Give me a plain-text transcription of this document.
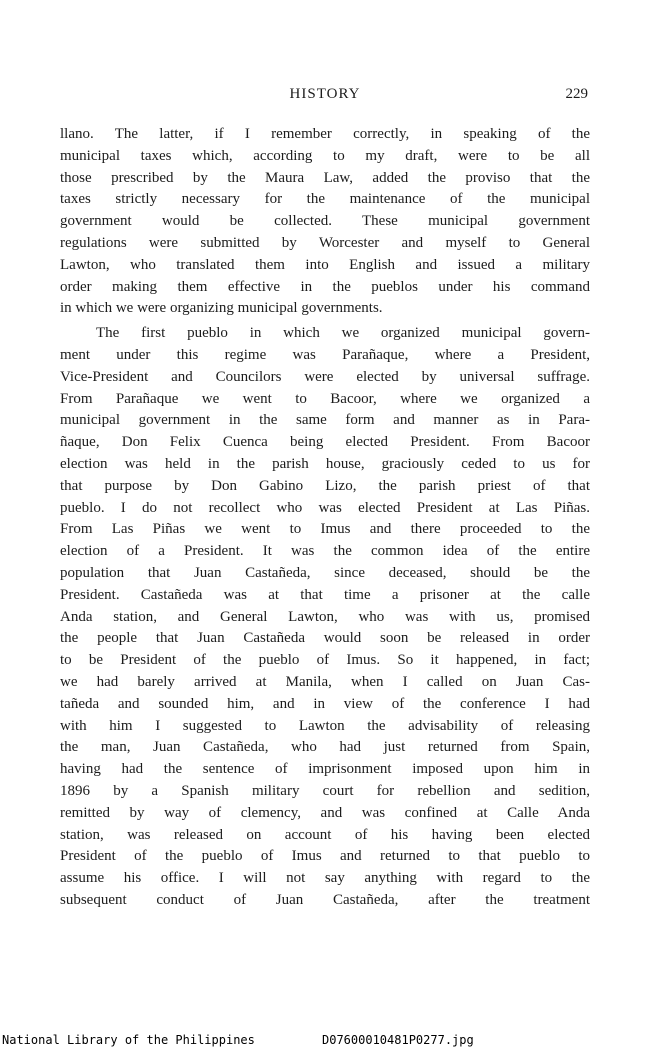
HISTORY	229
llano. The latter, if I remember correctly, in speaking of the
municipal taxes which, according to my draft, were to be all
those prescribed by the Maura Law, added the proviso that the
taxes strictly necessary for the maintenance of the municipal
government would be collected. These municipal government
regulations were submitted by Worcester and myself to General
Lawton, who translated them into English and issued a military
order making them effective in the pueblos under his command
in which we were organizing municipal governments.
The first pueblo in which we organized municipal govern-
ment under this regime was Parañaque, where a President,
Vice-President and Councilors were elected by universal suffrage.
From Parañaque we went to Bacoor, where we organized a
municipal government in the same form and manner as in Para-
ñaque, Don Felix Cuenca being elected President. From Bacoor
election was held in the parish house, graciously ceded to us for
that purpose by Don Gabino Lizo, the parish priest of that
pueblo. I do not recollect who was elected President at Las Piñas.
From Las Piñas we went to Imus and there proceeded to the
election of a President. It was the common idea of the entire
population that Juan Castañeda, since deceased, should be the
President. Castañeda was at that time a prisoner at the calle
Anda station, and General Lawton, who was with us, promised
the people that Juan Castañeda would soon be released in order
to be President of the pueblo of Imus. So it happened, in fact;
we had barely arrived at Manila, when I called on Juan Cas-
tañeda and sounded him, and in view of the conference I had
with him I suggested to Lawton the advisability of releasing
the man, Juan Castañeda, who had just returned from Spain,
having had the sentence of imprisonment imposed upon him in
1896 by a Spanish military court for rebellion and sedition,
remitted by way of clemency, and was confined at Calle Anda
station, was released on account of his having been elected
President of the pueblo of Imus and returned to that pueblo to
assume his office. I will not say anything with regard to the
subsequent conduct of Juan Castañeda, after the treatment
National Library of the Philippines	D07600010481P0277.jpg
